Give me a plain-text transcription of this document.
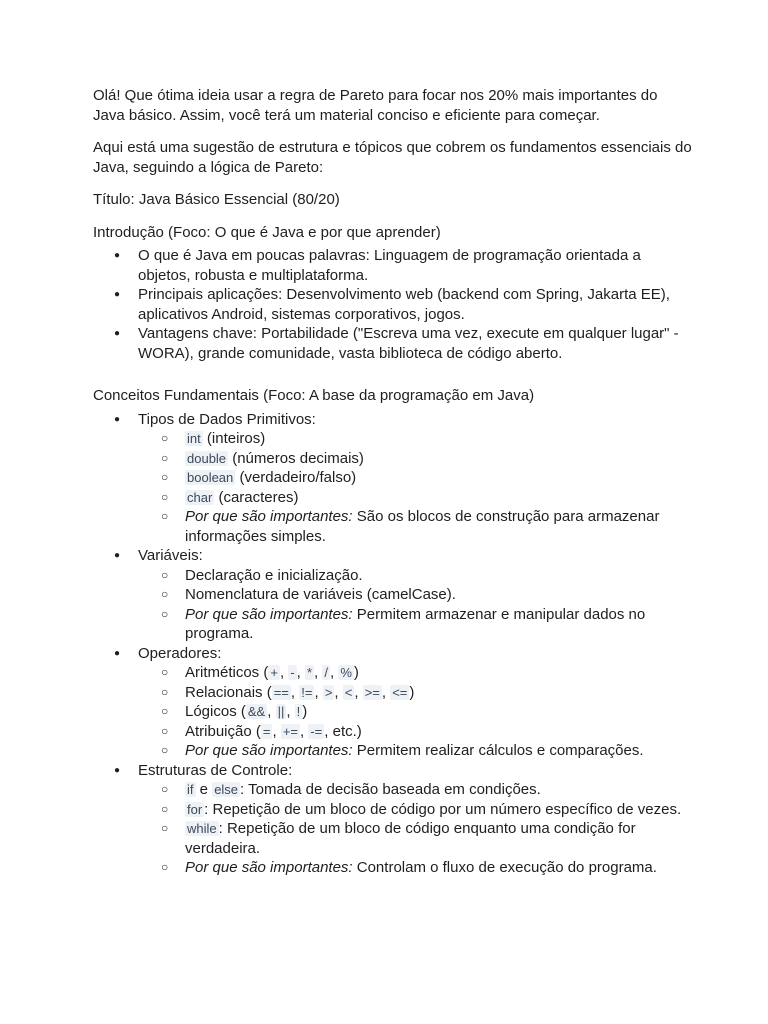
Olá! Que ótima ideia usar a regra de Pareto para focar nos 20% mais importantes do Java básico. Assim, você terá um material conciso e eficiente para começar.

Aqui está uma sugestão de estrutura e tópicos que cobrem os fundamentos essenciais do Java, seguindo a lógica de Pareto:

Título: Java Básico Essencial (80/20)

Introdução (Foco: O que é Java e por que aprender)

● O que é Java em poucas palavras: Linguagem de programação orientada a objetos, robusta e multiplataforma.
● Principais aplicações: Desenvolvimento web (backend com Spring, Jakarta EE), aplicativos Android, sistemas corporativos, jogos.
● Vantagens chave: Portabilidade ("Escreva uma vez, execute em qualquer lugar" - WORA), grande comunidade, vasta biblioteca de código aberto.

Conceitos Fundamentais (Foco: A base da programação em Java)

● Tipos de Dados Primitivos:
○ int (inteiros)
○ double (números decimais)
○ boolean (verdadeiro/falso)
○ char (caracteres)
○ Por que são importantes: São os blocos de construção para armazenar informações simples.
● Variáveis:
○ Declaração e inicialização.
○ Nomenclatura de variáveis (camelCase).
○ Por que são importantes: Permitem armazenar e manipular dados no programa.
● Operadores:
○ Aritméticos ( + , - , * , / , % )
○ Relacionais ( == , != , > , < , >= , <= )
○ Lógicos ( && , || , ! )
○ Atribuição ( = , += , -= , etc.)
○ Por que são importantes: Permitem realizar cálculos e comparações.
● Estruturas de Controle:
○ if e else : Tomada de decisão baseada em condições.
○ for : Repetição de um bloco de código por um número específico de vezes.
○ while : Repetição de um bloco de código enquanto uma condição for verdadeira.
○ Por que são importantes: Controlam o fluxo de execução do programa.
